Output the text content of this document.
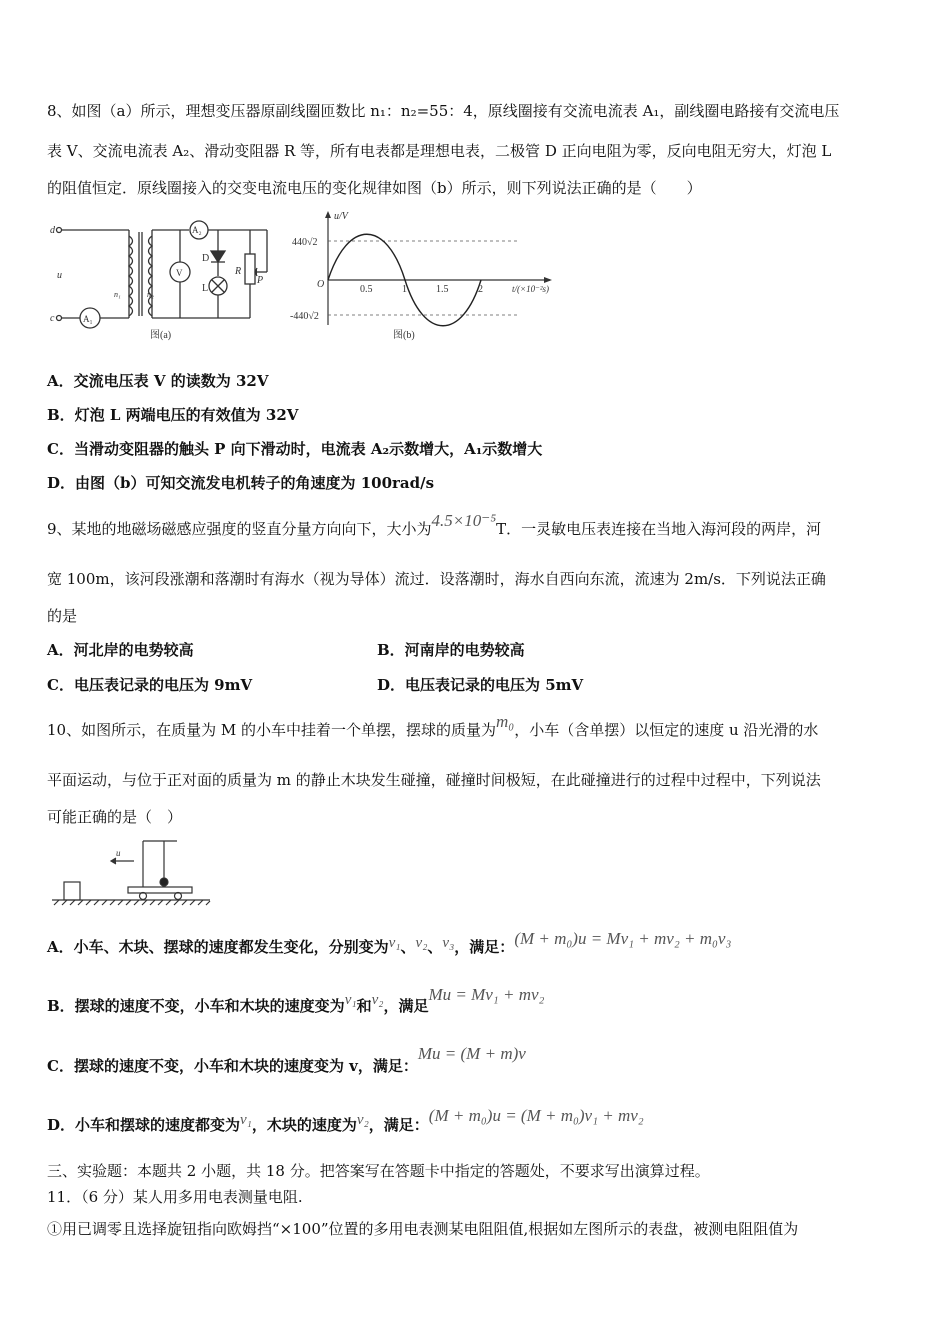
8、如图（a）所示，理想变压器原副线圈匝数比 n₁：n₂=55：4，原线圈接有交流电流表 A₁，副线圈电路接有交流电压
表 V、交流电流表 A₂、滑动变阻器 R 等，所有电表都是理想电表，二极管 D 正向电阻为零，反向电阻无穷大，灯泡 L
的阻值恒定．原线圈接入的交变电流电压的变化规律如图（b）所示，则下列说法正确的是（　　）
d
c
u
n₁	n₂
A₁
A₂
V
D
L
R
P
图(a)
u/V
t/(×10⁻²s)
O
440√2
-440√2
0.5	1	1.5	2
图(b)
A．交流电压表 V 的读数为 32V
B．灯泡 L 两端电压的有效值为 32V
C．当滑动变阻器的触头 P 向下滑动时，电流表 A₂示数增大，A₁示数增大
D．由图（b）可知交流发电机转子的角速度为 100rad/s
9、某地的地磁场磁感应强度的竖直分量方向向下，大小为4.5×10⁻⁵T．一灵敏电压表连接在当地入海河段的两岸，河
宽 100m，该河段涨潮和落潮时有海水（视为导体）流过．设落潮时，海水自西向东流，流速为 2m/s．下列说法正确
的是
A．河北岸的电势较高	B．河南岸的电势较高
C．电压表记录的电压为 9mV	D．电压表记录的电压为 5mV
10、如图所示，在质量为 M 的小车中挂着一个单摆，摆球的质量为m₀，小车（含单摆）以恒定的速度 u 沿光滑的水
平面运动，与位于正对面的质量为 m 的静止木块发生碰撞，碰撞时间极短，在此碰撞进行的过程中过程中，下列说法
可能正确的是（　）
u
A．小车、木块、摆球的速度都发生变化，分别变为v₁、v₂、v₃，满足：(M + m₀)u = Mv₁ + mv₂ + m₀v₃
B．摆球的速度不变，小车和木块的速度变为v₁和v₂，满足Mu = Mv₁ + mv₂
C．摆球的速度不变，小车和木块的速度变为 v，满足：Mu = (M + m)v
D．小车和摆球的速度都变为v₁，木块的速度为v₂，满足：(M + m₀)u = (M + m₀)v₁ + mv₂
三、实验题：本题共 2 小题，共 18 分。把答案写在答题卡中指定的答题处，不要求写出演算过程。
11．（6 分）某人用多用电表测量电阻.
①用已调零且选择旋钮指向欧姆挡“×100”位置的多用电表测某电阻阻值,根据如左图所示的表盘，被测电阻阻值为
